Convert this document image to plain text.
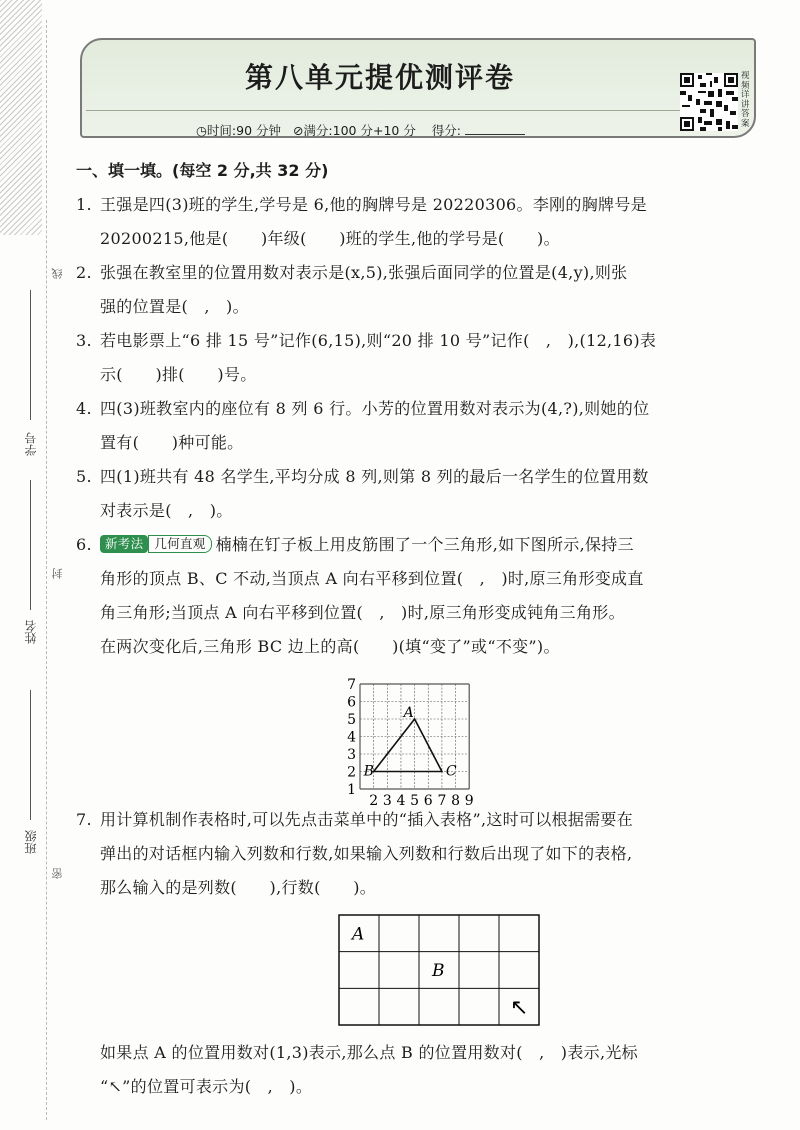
学号
姓名
班级
线
封
密
第八单元提优测评卷
◷时间:90 分钟 ⊘满分:100 分+10 分 得分:
视频详讲答案
一、填一填。(每空 2 分,共 32 分)
1. 王强是四(3)班的学生,学号是 6,他的胸牌号是 20220306。李刚的胸牌号是
20200215,他是(　　)年级(　　)班的学生,他的学号是(　　)。
2. 张强在教室里的位置用数对表示是(x,5),张强后面同学的位置是(4,y),则张
强的位置是(　,　)。
3. 若电影票上“6 排 15 号”记作(6,15),则“20 排 10 号”记作(　,　),(12,16)表
示(　　)排(　　)号。
4. 四(3)班教室内的座位有 8 列 6 行。小芳的位置用数对表示为(4,?),则她的位
置有(　　)种可能。
5. 四(1)班共有 48 名学生,平均分成 8 列,则第 8 列的最后一名学生的位置用数
对表示是(　,　)。
6.	新考法 几何直观 楠楠在钉子板上用皮筋围了一个三角形,如下图所示,保持三
角形的顶点 B、C 不动,当顶点 A 向右平移到位置(　,　)时,原三角形变成直
角三角形;当顶点 A 向右平移到位置(　,　)时,原三角形变成钝角三角形。
在两次变化后,三角形 BC 边上的高(　　)(填“变了”或“不变”)。
1
2
3
4
5
6
7
2 3 4 5 6 7 8 9
A
B	C
7. 用计算机制作表格时,可以先点击菜单中的“插入表格”,这时可以根据需要在
弹出的对话框内输入列数和行数,如果输入列数和行数后出现了如下的表格,
那么输入的是列数(　　),行数(　　)。
A
B
↖
如果点 A 的位置用数对(1,3)表示,那么点 B 的位置用数对(　,　)表示,光标
“↖”的位置可表示为(　,　)。
